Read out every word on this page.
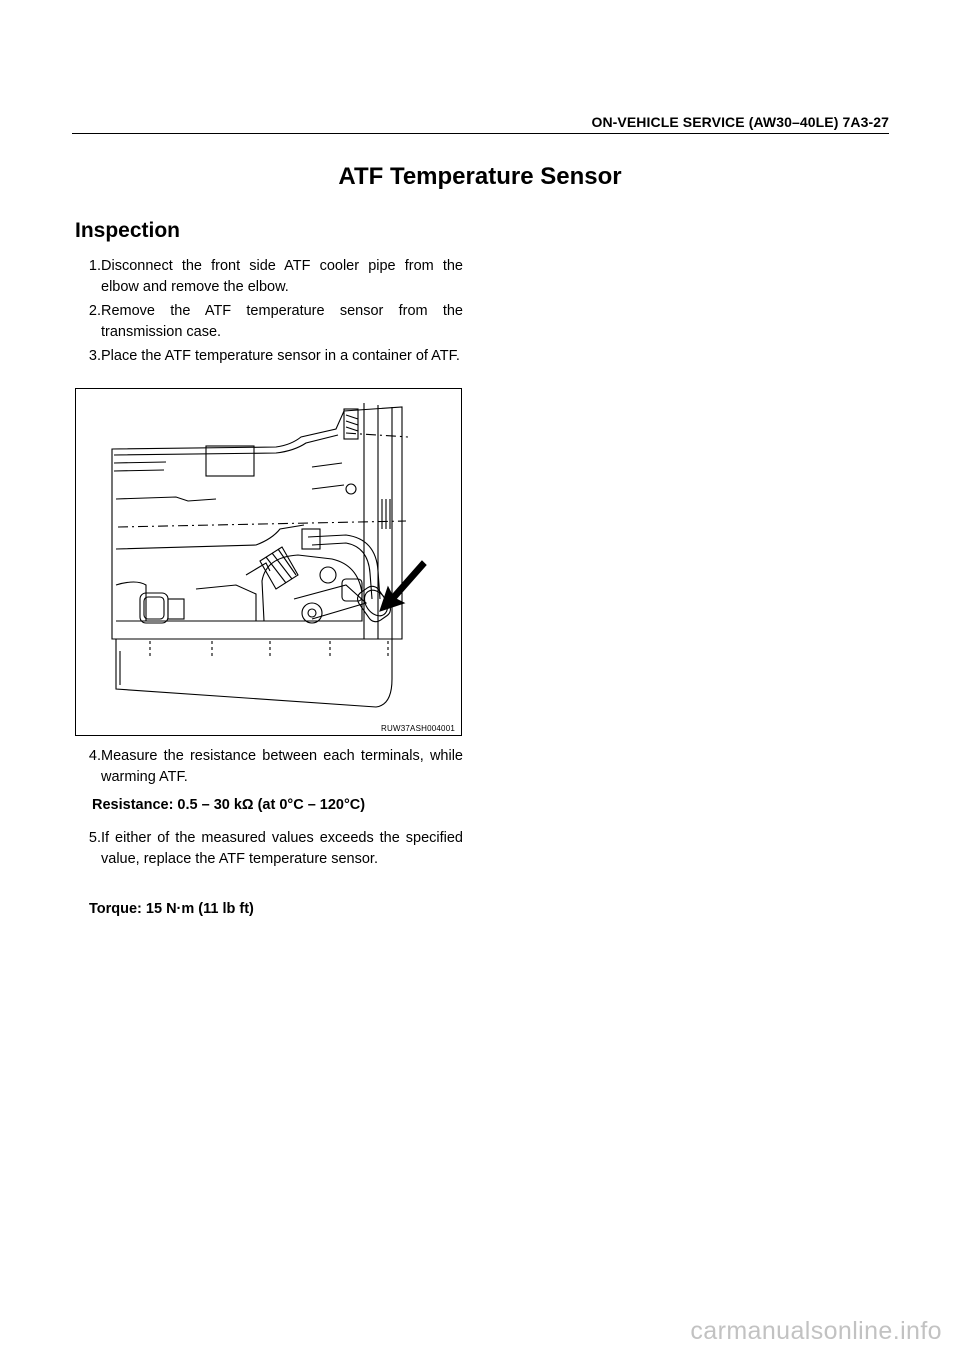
ON-VEHICLE SERVICE (AW30–40LE) 7A3-27
ATF Temperature Sensor
Inspection
1. Disconnect the front side ATF cooler pipe from the elbow and remove the elbow.
2. Remove the ATF temperature sensor from the transmission case.
3. Place the ATF temperature sensor in a container of ATF.
RUW37ASH004001
4. Measure the resistance between each terminals, while warming ATF.
Resistance: 0.5 – 30 kΩ (at 0°C – 120°C)
5. If either of the measured values exceeds the specified value, replace the ATF temperature sensor.
Torque: 15 N·m (11 lb ft)
carmanualsonline.info
